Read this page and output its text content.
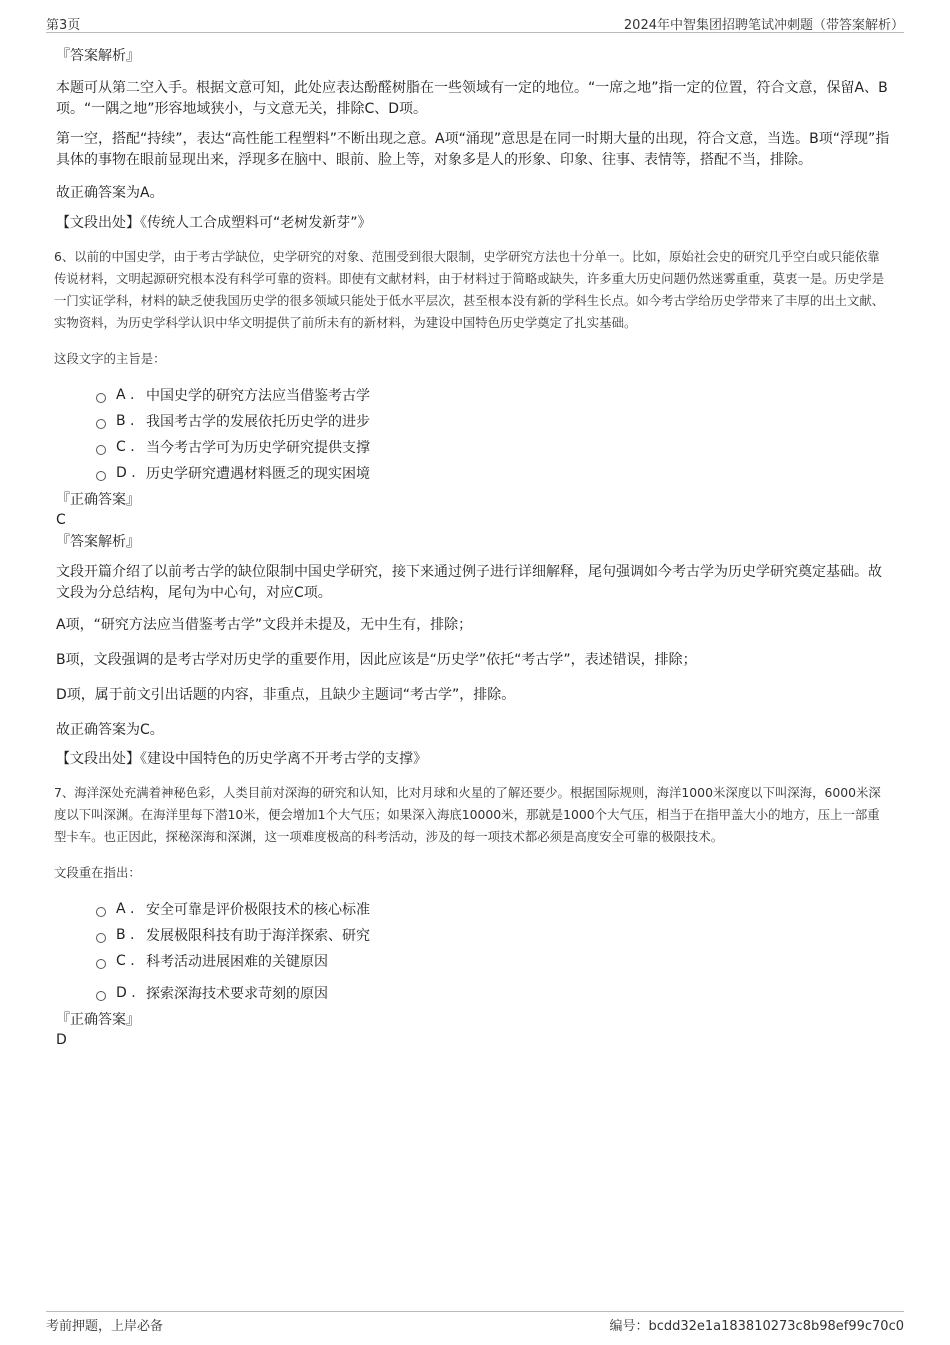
第3页	2024年中智集团招聘笔试冲刺题（带答案解析）
『答案解析』
本题可从第二空入手。根据文意可知，此处应表达酚醛树脂在一些领域有一定的地位。“一席之地”指一定的位置，符合文意，保留A、B项。“一隅之地”形容地域狭小，与文意无关，排除C、D项。
第一空，搭配“持续”，表达“高性能工程塑料”不断出现之意。A项“涌现”意思是在同一时期大量的出现，符合文意，当选。B项“浮现”指具体的事物在眼前显现出来，浮现多在脑中、眼前、脸上等，对象多是人的形象、印象、往事、表情等，搭配不当，排除。
故正确答案为A。
【文段出处】《传统人工合成塑料可“老树发新芽”》
6、以前的中国史学，由于考古学缺位，史学研究的对象、范围受到很大限制，史学研究方法也十分单一。比如，原始社会史的研究几乎空白或只能依靠传说材料，文明起源研究根本没有科学可靠的资料。即使有文献材料，由于材料过于简略或缺失，许多重大历史问题仍然迷雾重重，莫衷一是。历史学是一门实证学科，材料的缺乏使我国历史学的很多领域只能处于低水平层次，甚至根本没有新的学科生长点。如今考古学给历史学带来了丰厚的出土文献、实物资料，为历史学科学认识中华文明提供了前所未有的新材料，为建设中国特色历史学奠定了扎实基础。
这段文字的主旨是：
A . 中国史学的研究方法应当借鉴考古学
B . 我国考古学的发展依托历史学的进步
C . 当今考古学可为历史学研究提供支撑
D . 历史学研究遭遇材料匮乏的现实困境
『正确答案』
C
『答案解析』
文段开篇介绍了以前考古学的缺位限制中国史学研究，接下来通过例子进行详细解释，尾句强调如今考古学为历史学研究奠定基础。故文段为分总结构，尾句为中心句，对应C项。
A项，“研究方法应当借鉴考古学”文段并未提及，无中生有，排除；
B项，文段强调的是考古学对历史学的重要作用，因此应该是“历史学”依托“考古学”，表述错误，排除；
D项，属于前文引出话题的内容，非重点，且缺少主题词“考古学”，排除。
故正确答案为C。
【文段出处】《建设中国特色的历史学离不开考古学的支撑》
7、海洋深处充满着神秘色彩，人类目前对深海的研究和认知，比对月球和火星的了解还要少。根据国际规则，海洋1000米深度以下叫深海，6000米深度以下叫深渊。在海洋里每下潜10米，便会增加1个大气压；如果深入海底10000米，那就是1000个大气压，相当于在指甲盖大小的地方，压上一部重型卡车。也正因此，探秘深海和深渊，这一项难度极高的科考活动，涉及的每一项技术都必须是高度安全可靠的极限技术。
文段重在指出：
A . 安全可靠是评价极限技术的核心标准
B . 发展极限科技有助于海洋探索、研究
C . 科考活动进展困难的关键原因
D . 探索深海技术要求苛刻的原因
『正确答案』
D
考前押题，上岸必备	编号：bcdd32e1a183810273c8b98ef99c70c0
